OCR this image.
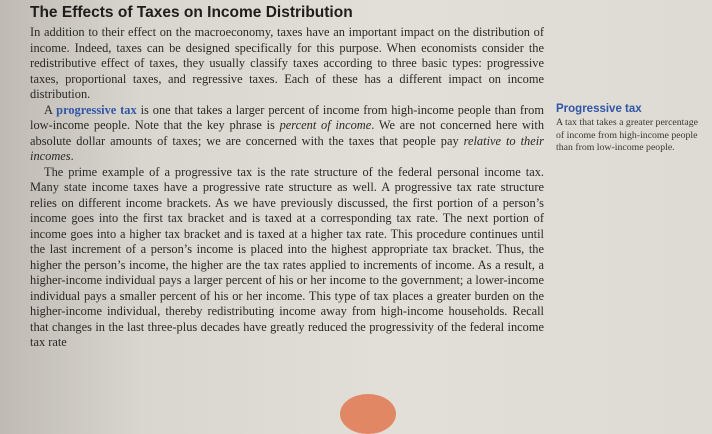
The Effects of Taxes on Income Distribution

In addition to their effect on the macroeconomy, taxes have an important impact on the distribution of income. Indeed, taxes can be designed specifically for this purpose. When economists consider the redistributive effect of taxes, they usually classify taxes according to three basic types: progressive taxes, proportional taxes, and regressive taxes. Each of these has a different impact on income distribution.

A progressive tax is one that takes a larger percent of income from high-income people than from low-income people. Note that the key phrase is percent of income. We are not concerned here with absolute dollar amounts of taxes; we are concerned with the taxes that people pay relative to their incomes.

The prime example of a progressive tax is the rate structure of the federal personal income tax. Many state income taxes have a progressive rate structure as well. A progressive tax rate structure relies on different income brackets. As we have previously discussed, the first portion of a person’s income goes into the first tax bracket and is taxed at a corresponding tax rate. The next portion of income goes into a higher tax bracket and is taxed at a higher tax rate. This procedure continues until the last increment of a person’s income is placed into the highest appropriate tax bracket. Thus, the higher the person’s income, the higher are the tax rates applied to increments of income. As a result, a higher-income individual pays a larger percent of his or her income to the government; a lower-income individual pays a smaller percent of his or her income. This type of tax places a greater burden on the higher-income individual, thereby redistributing income away from high-income households. Recall that changes in the last three-plus decades have greatly reduced the progressivity of the federal income tax rate

Progressive tax
A tax that takes a greater percentage of income from high-income people than from low-income people.
